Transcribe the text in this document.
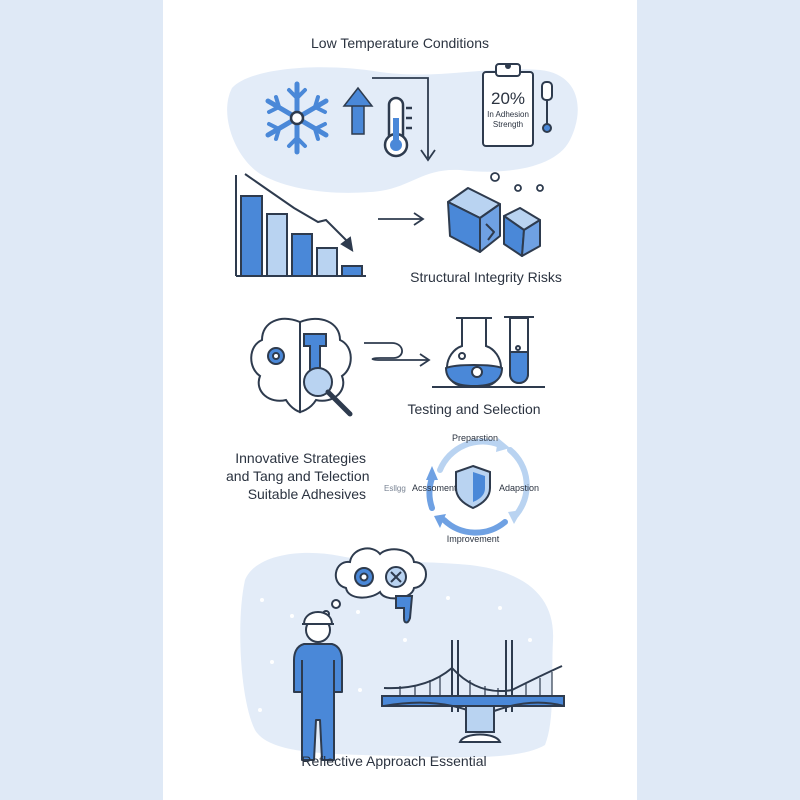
20%
In Adhesion
Strength
Low Temperature Conditions
Structural Integrity Risks
Testing and Selection
Innovative Strategies
and Tang and Telection
Suitable Adhesives
Preparstion
Adapstion
Improvement
Esllgg Acssoment
Reflective Approach Essential
